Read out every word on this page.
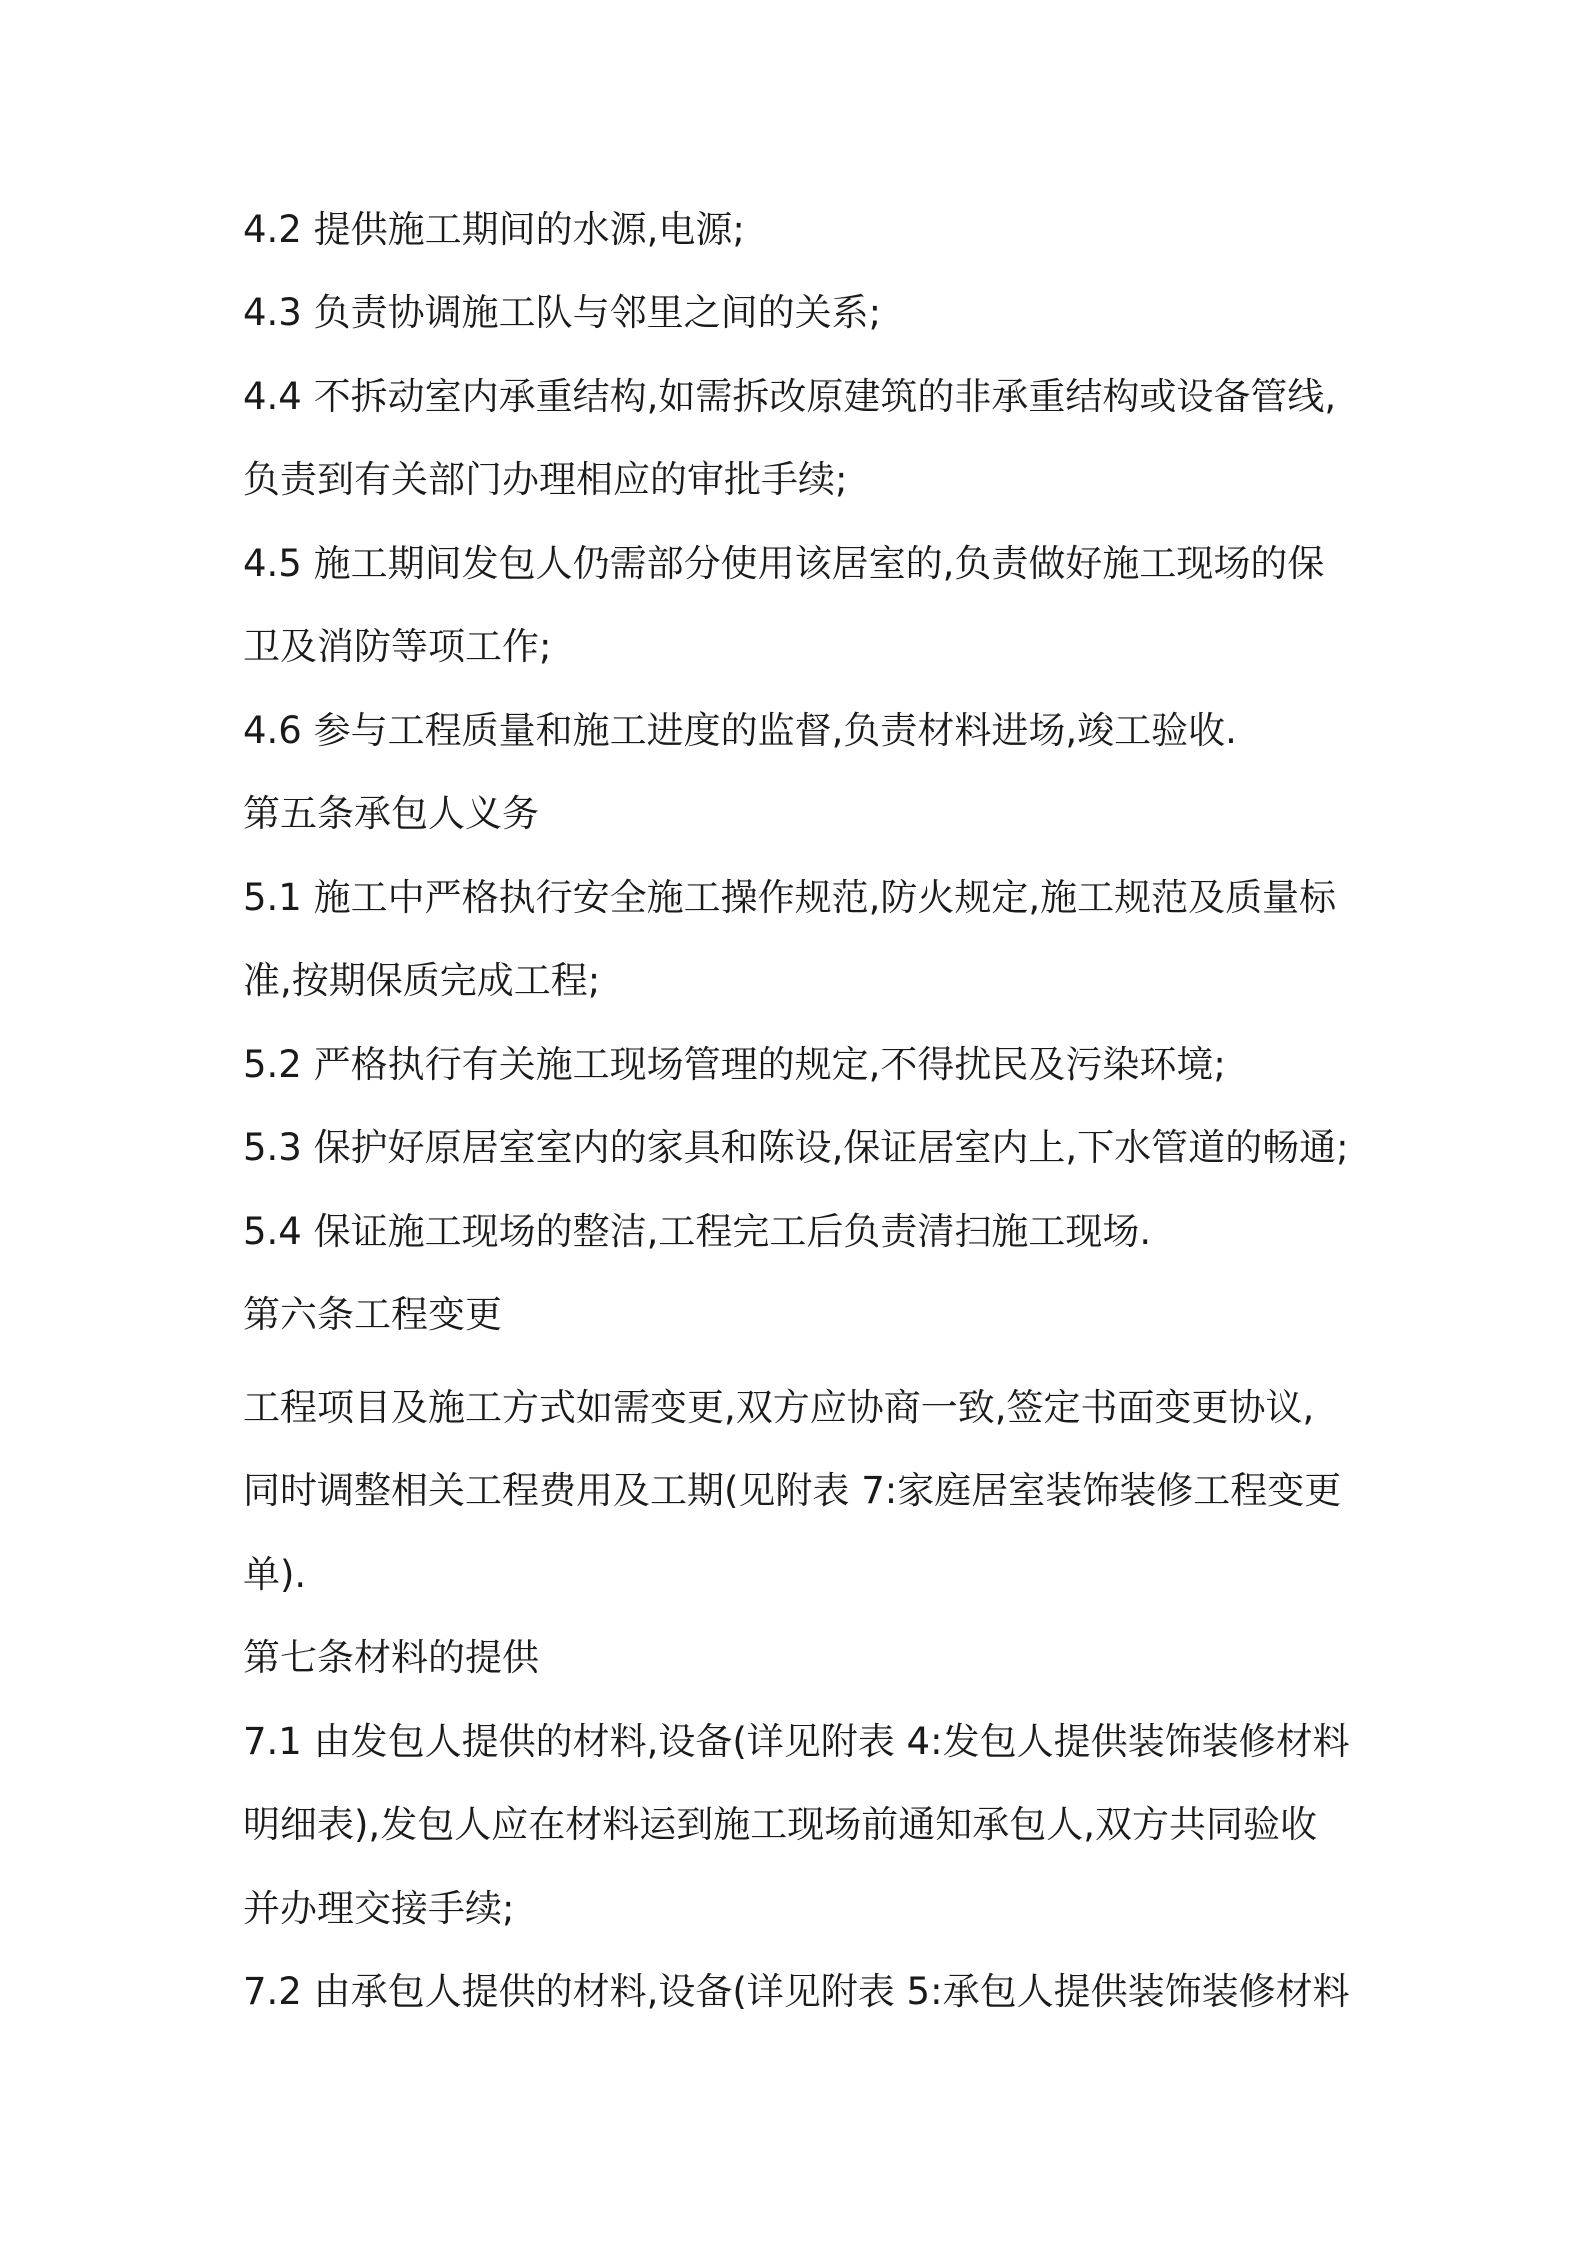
4.2 提供施工期间的水源,电源;
4.3 负责协调施工队与邻里之间的关系;
4.4 不拆动室内承重结构,如需拆改原建筑的非承重结构或设备管线,
负责到有关部门办理相应的审批手续;
4.5 施工期间发包人仍需部分使用该居室的,负责做好施工现场的保
卫及消防等项工作;
4.6 参与工程质量和施工进度的监督,负责材料进场,竣工验收.
第五条承包人义务
5.1 施工中严格执行安全施工操作规范,防火规定,施工规范及质量标
准,按期保质完成工程;
5.2 严格执行有关施工现场管理的规定,不得扰民及污染环境;
5.3 保护好原居室室内的家具和陈设,保证居室内上,下水管道的畅通;
5.4 保证施工现场的整洁,工程完工后负责清扫施工现场.
第六条工程变更
工程项目及施工方式如需变更,双方应协商一致,签定书面变更协议,
同时调整相关工程费用及工期(见附表 7:家庭居室装饰装修工程变更
单).
第七条材料的提供
7.1 由发包人提供的材料,设备(详见附表 4:发包人提供装饰装修材料
明细表),发包人应在材料运到施工现场前通知承包人,双方共同验收
并办理交接手续;
7.2 由承包人提供的材料,设备(详见附表 5:承包人提供装饰装修材料
